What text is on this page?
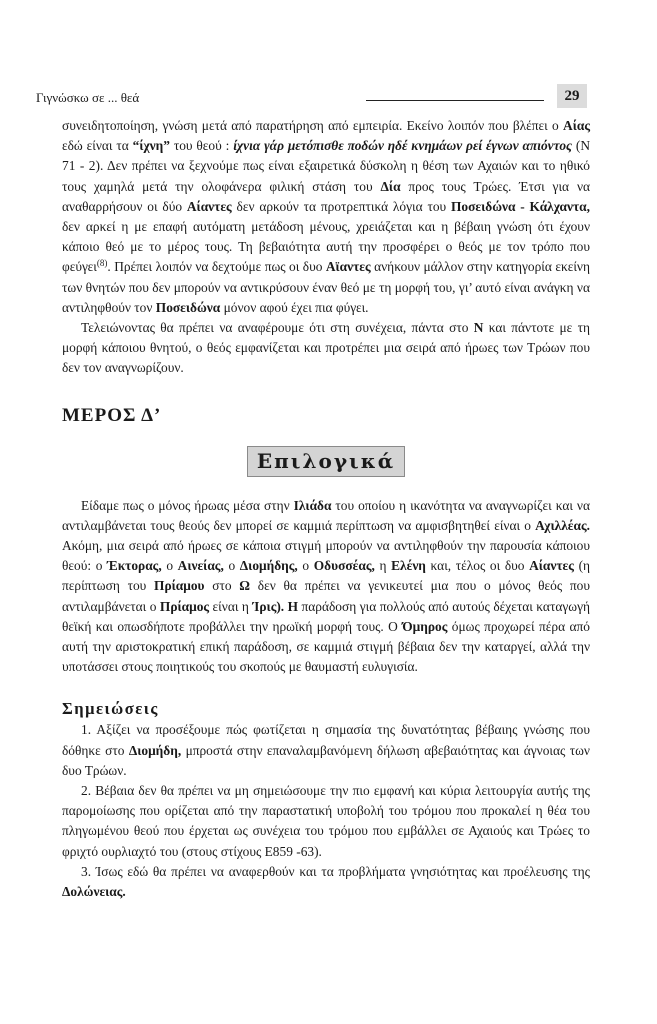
Γιγνώσκω σε ... θεά	29

συνειδητοποίηση, γνώση μετά από παρατήρηση από εμπειρία. Εκείνο λοιπόν που βλέπει ο Αίας εδώ είναι τα “ίχνη” του θεού : ίχνια γάρ μετόπισθε ποδών ηδέ κνημάων ρεί έγνων απιόντος (Ν 71 - 2). Δεν πρέπει να ξεχνούμε πως είναι εξαιρετικά δύσκολη η θέση των Αχαιών και το ηθικό τους χαμηλά μετά την ολοφάνερα φιλική στάση του Δία προς τους Τρώες. Έτσι για να αναθαρρήσουν οι δύο Αίαντες δεν αρκούν τα προτρεπτικά λόγια του Ποσειδώνα - Κάλχαντα, δεν αρκεί η με επαφή αυτόματη μετάδοση μένους, χρειάζεται και η βέβαιη γνώση ότι έχουν κάποιο θεό με το μέρος τους. Τη βεβαιότητα αυτή την προσφέρει ο θεός με τον τρόπο που φεύγει$^{(8)}$. Πρέπει λοιπόν να δεχτούμε πως οι δυο Αϊαντες ανήκουν μάλλον στην κατηγορία εκείνη των θνητών που δεν μπορούν να αντικρύσουν έναν θεό με τη μορφή του, γι’ αυτό είναι ανάγκη να αντιληφθούν τον Ποσειδώνα μόνον αφού έχει πια φύγει.

Τελειώνοντας θα πρέπει να αναφέρουμε ότι στη συνέχεια, πάντα στο Ν και πάντοτε με τη μορφή κάποιου θνητού, ο θεός εμφανίζεται και προτρέπει μια σειρά από ήρωες των Τρώων που δεν τον αναγνωρίζουν.

ΜΕΡΟΣ Δ’
Επιλογικά

Είδαμε πως ο μόνος ήρωας μέσα στην Ιλιάδα του οποίου η ικανότητα να αναγνωρίζει και να αντιλαμβάνεται τους θεούς δεν μπορεί σε καμμιά περίπτωση να αμφισβητηθεί είναι ο Αχιλλέας. Ακόμη, μια σειρά από ήρωες σε κάποια στιγμή μπορούν να αντιληφθούν την παρουσία κάποιου θεού: ο Έκτορας, ο Αινείας, ο Διομήδης, ο Οδυσσέας, η Ελένη και, τέλος οι δυο Αίαντες (η περίπτωση του Πρίαμου στο Ω δεν θα πρέπει να γενικευτεί μια που ο μόνος θεός που αντιλαμβάνεται ο Πρίαμος είναι η Ίρις). Η παράδοση για πολλούς από αυτούς δέχεται καταγωγή θεϊκή και οπωσδήποτε προβάλλει την ηρωϊκή μορφή τους. Ο Όμηρος όμως προχωρεί πέρα από αυτή την αριστοκρατική επική παράδοση, σε καμμιά στιγμή βέβαια δεν την καταργεί, αλλά την υποτάσσει στους ποιητικούς του σκοπούς με θαυμαστή ευλυγισία.

Σημειώσεις

1. Αξίζει να προσέξουμε πώς φωτίζεται η σημασία της δυνατότητας βέβαιης γνώσης που δόθηκε στο Διομήδη, μπροστά στην επαναλαμβανόμενη δήλωση αβεβαιότητας και άγνοιας των δυο Τρώων.

2. Βέβαια δεν θα πρέπει να μη σημειώσουμε την πιο εμφανή και κύρια λειτουργία αυτής της παρομοίωσης που ορίζεται από την παραστατική υποβολή του τρόμου που προκαλεί η θέα του πληγωμένου θεού που έρχεται ως συνέχεια του τρόμου που εμβάλλει σε Αχαιούς και Τρώες το φριχτό ουρλιαχτό του (στους στίχους Ε859 -63).

3. Ίσως εδώ θα πρέπει να αναφερθούν και τα προβλήματα γνησιότητας και προέλευσης της Δολώνειας.
